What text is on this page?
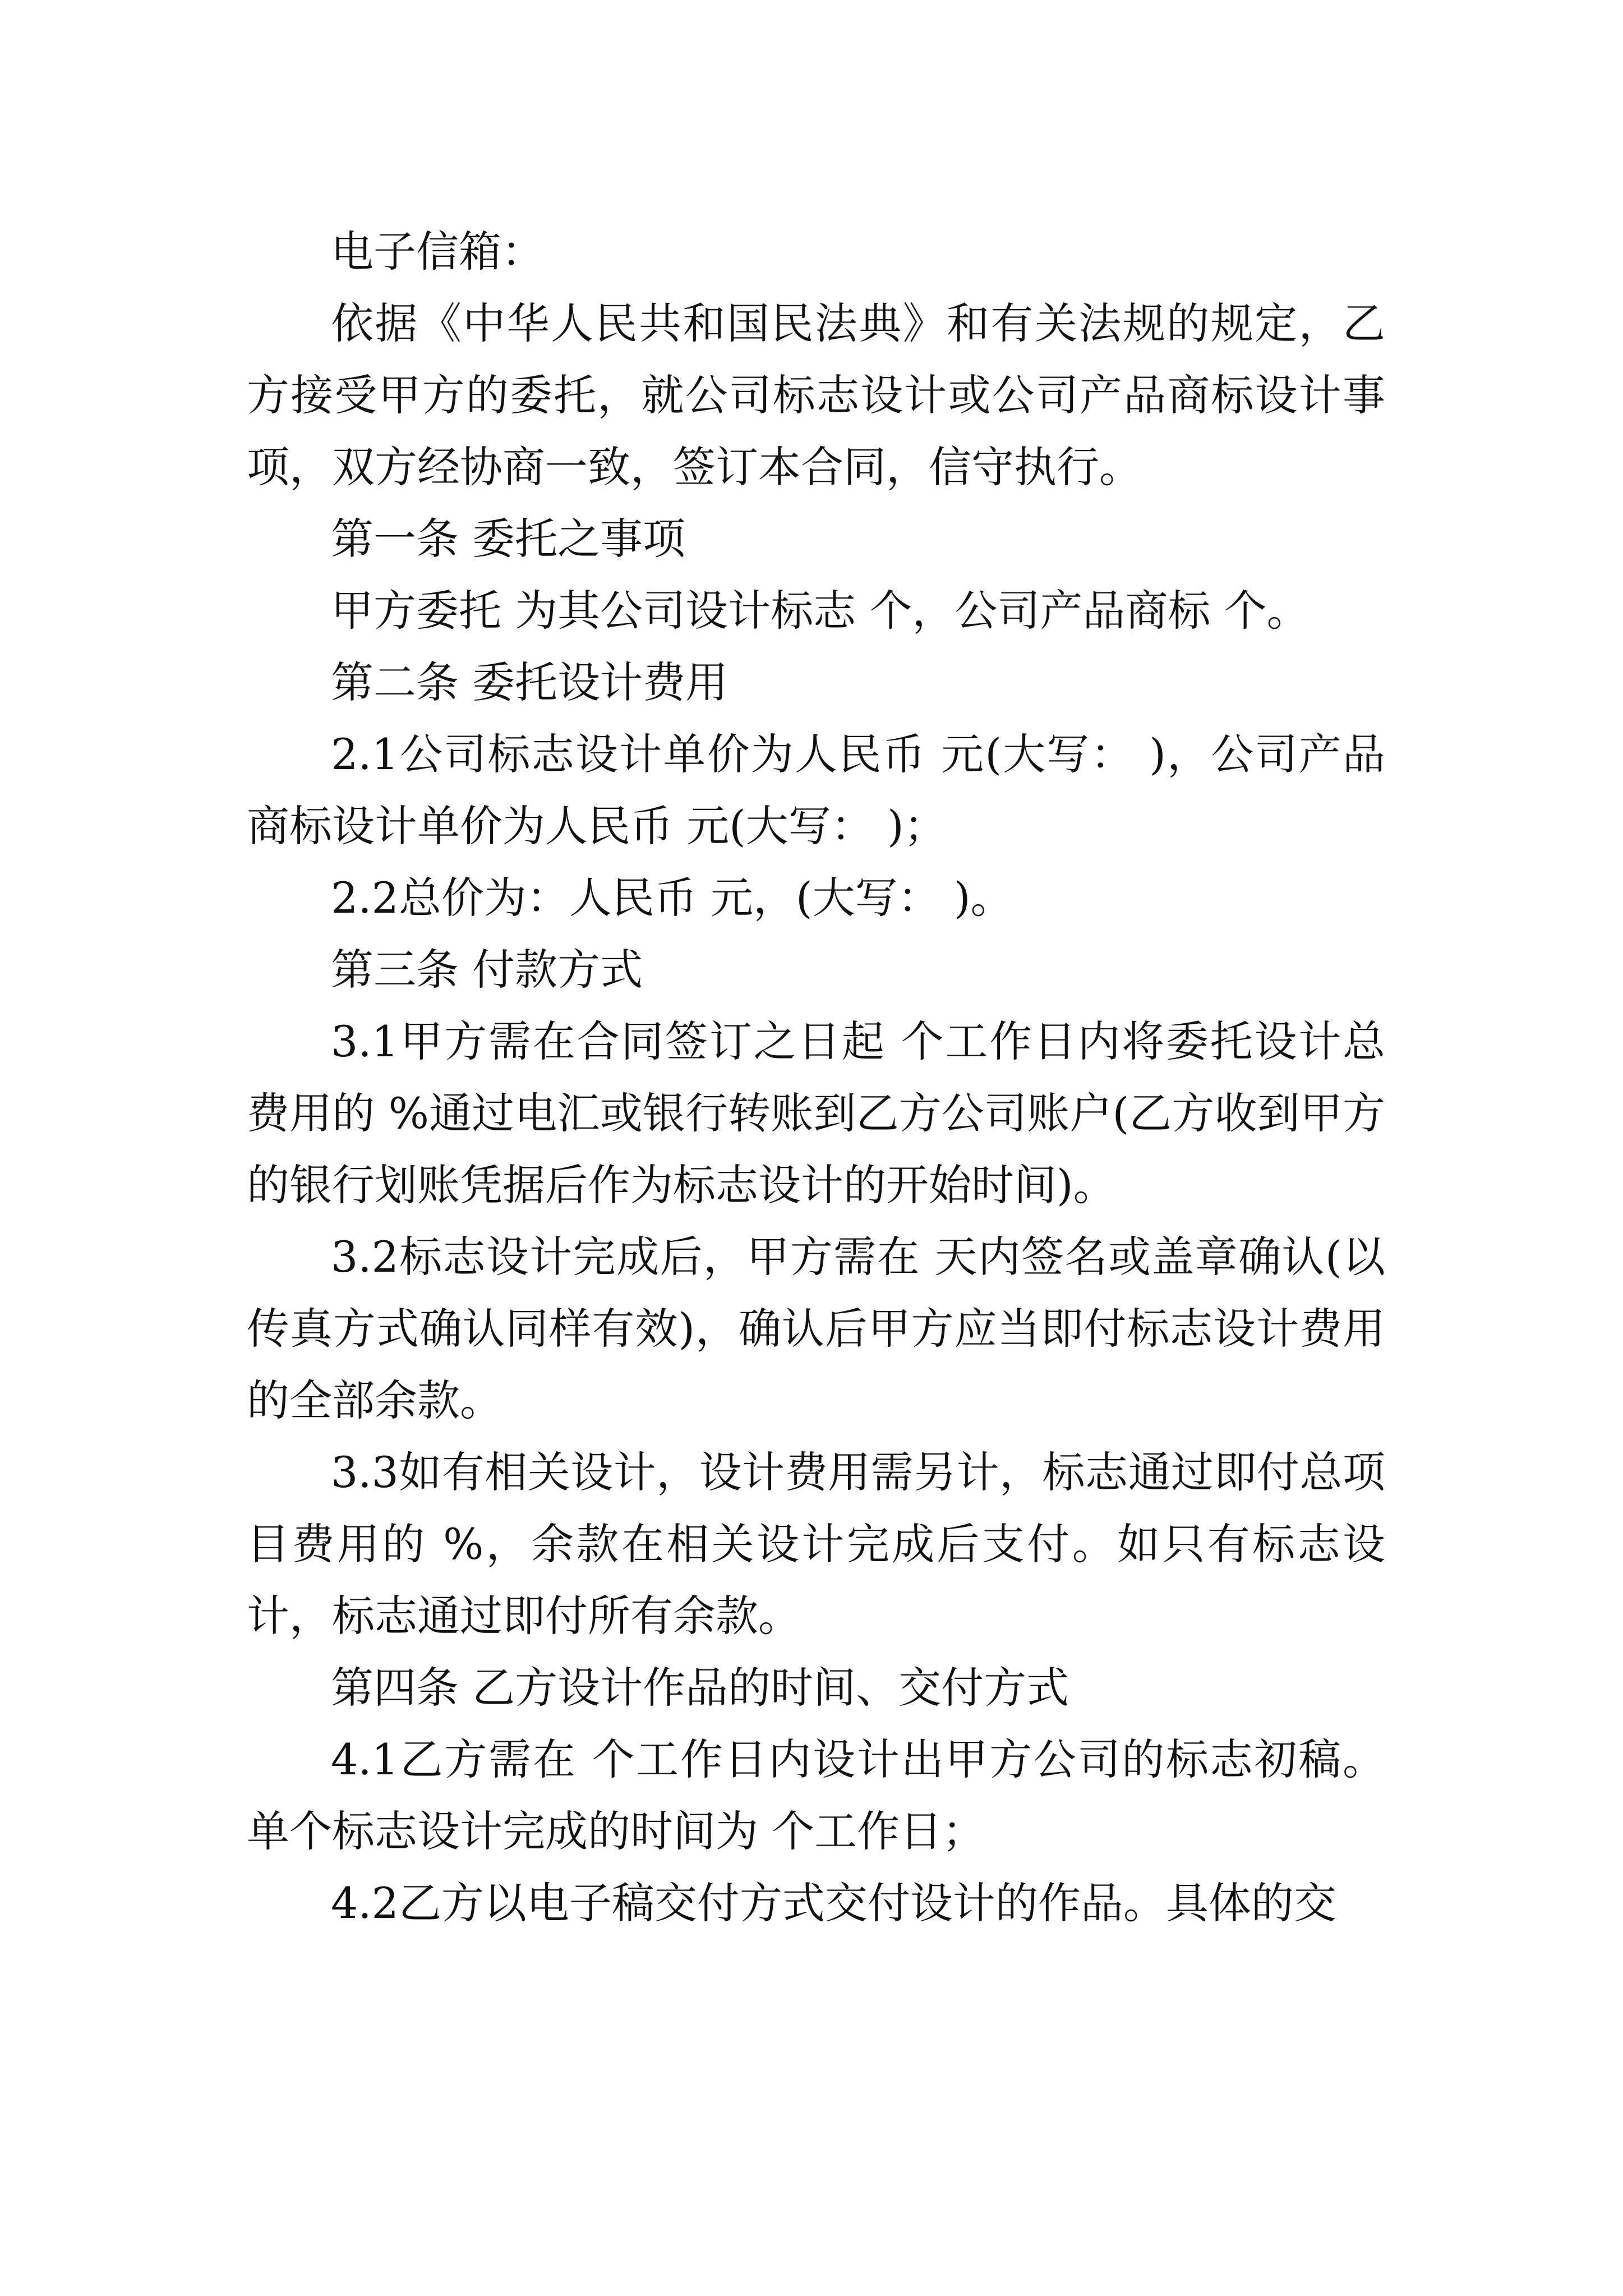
电子信箱：

依据《中华人民共和国民法典》和有关法规的规定，乙方接受甲方的委托，就公司标志设计或公司产品商标设计事项，双方经协商一致，签订本合同，信守执行。

第一条 委托之事项

甲方委托 为其公司设计标志 个，公司产品商标 个。

第二条 委托设计费用

2.1公司标志设计单价为人民币 元(大写： )，公司产品商标设计单价为人民币 元(大写： )；

2.2总价为：人民币 元，(大写： )。

第三条 付款方式

3.1甲方需在合同签订之日起 个工作日内将委托设计总费用的 %通过电汇或银行转账到乙方公司账户(乙方收到甲方的银行划账凭据后作为标志设计的开始时间)。

3.2标志设计完成后，甲方需在 天内签名或盖章确认(以传真方式确认同样有效)，确认后甲方应当即付标志设计费用的全部余款。

3.3如有相关设计，设计费用需另计，标志通过即付总项目费用的 %，余款在相关设计完成后支付。如只有标志设计，标志通过即付所有余款。

第四条 乙方设计作品的时间、交付方式

4.1乙方需在 个工作日内设计出甲方公司的标志初稿。单个标志设计完成的时间为 个工作日；

4.2乙方以电子稿交付方式交付设计的作品。具体的交
